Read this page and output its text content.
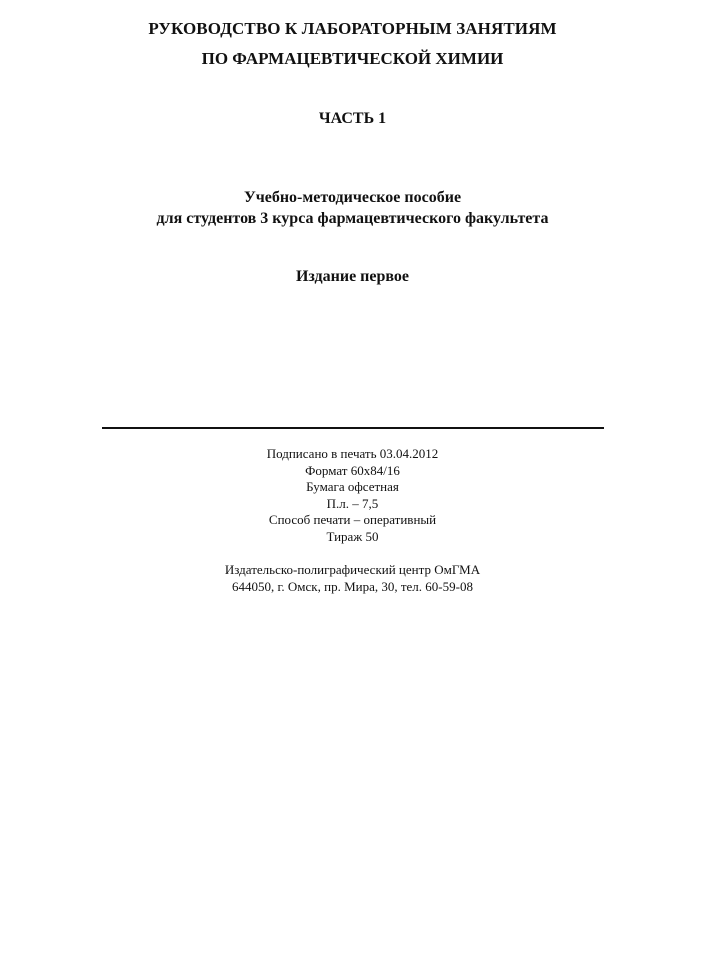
РУКОВОДСТВО К ЛАБОРАТОРНЫМ ЗАНЯТИЯМ

ПО ФАРМАЦЕВТИЧЕСКОЙ ХИМИИ

ЧАСТЬ 1

Учебно-методическое пособие

для студентов 3 курса фармацевтического факультета

Издание первое

Подписано в печать 03.04.2012
Формат 60x84/16
Бумага офсетная
П.л. – 7,5
Способ печати – оперативный
Тираж 50
Издательско-полиграфический центр ОмГМА
644050, г. Омск, пр. Мира, 30, тел. 60-59-08
